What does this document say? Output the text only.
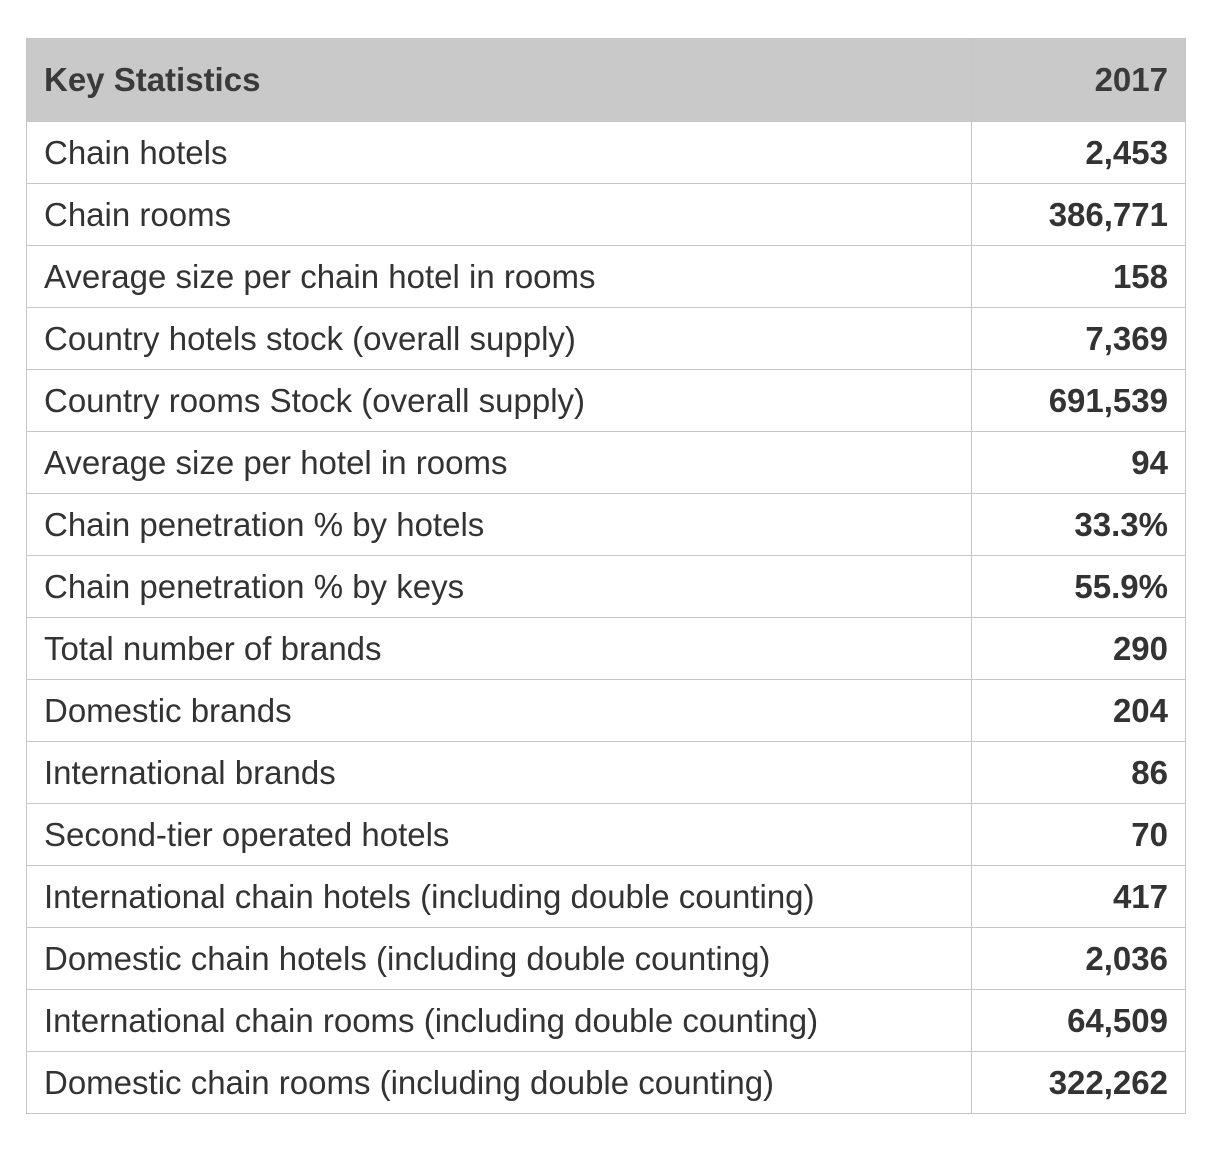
Key Statistics	2017
Chain hotels	2,453
Chain rooms	386,771
Average size per chain hotel in rooms	158
Country hotels stock (overall supply)	7,369
Country rooms Stock (overall supply)	691,539
Average size per hotel in rooms	94
Chain penetration % by hotels	33.3%
Chain penetration % by keys	55.9%
Total number of brands	290
Domestic brands	204
International brands	86
Second-tier operated hotels	70
International chain hotels (including double counting)	417
Domestic chain hotels (including double counting)	2,036
International chain rooms (including double counting)	64,509
Domestic chain rooms (including double counting)	322,262
